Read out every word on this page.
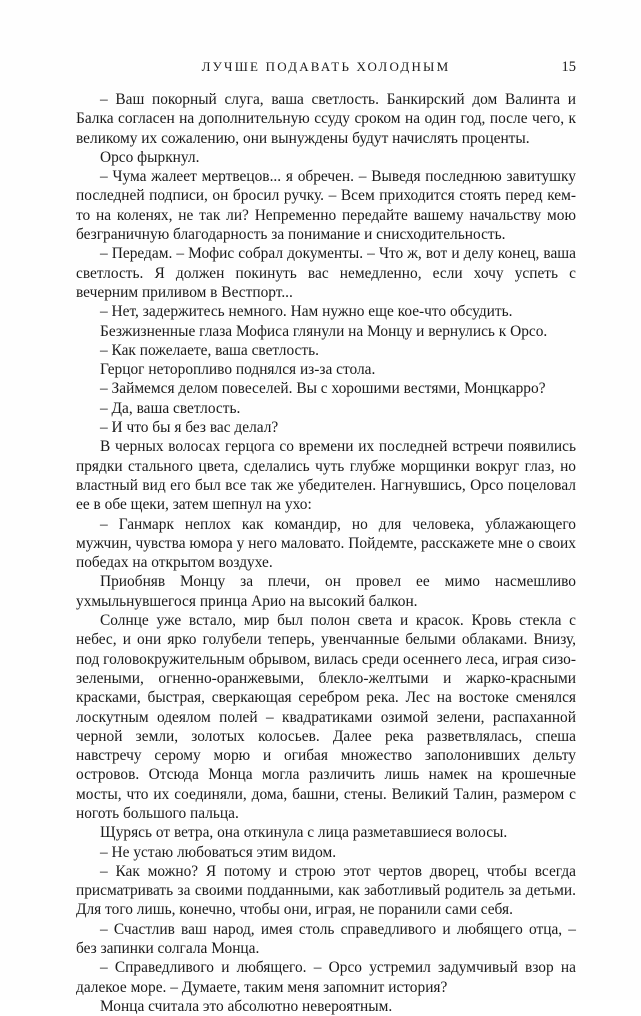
ЛУЧШЕ ПОДАВАТЬ ХОЛОДНЫМ	15

– Ваш покорный слуга, ваша светлость. Банкирский дом Валинта и Балка согласен на дополнительную ссуду сроком на один год, после чего, к великому их сожалению, они вынуждены будут начислять проценты.

Орсо фыркнул.

– Чума жалеет мертвецов... я обречен. – Выведя последнюю завитушку последней подписи, он бросил ручку. – Всем приходится стоять перед кем-то на коленях, не так ли? Непременно передайте вашему начальству мою безграничную благодарность за понимание и снисходительность.

– Передам. – Мофис собрал документы. – Что ж, вот и делу конец, ваша светлость. Я должен покинуть вас немедленно, если хочу успеть с вечерним приливом в Вестпорт...

– Нет, задержитесь немного. Нам нужно еще кое-что обсудить.

Безжизненные глаза Мофиса глянули на Монцу и вернулись к Орсо.

– Как пожелаете, ваша светлость.

Герцог неторопливо поднялся из-за стола.

– Займемся делом повеселей. Вы с хорошими вестями, Монцкарро?

– Да, ваша светлость.

– И что бы я без вас делал?

В черных волосах герцога со времени их последней встречи появились прядки стального цвета, сделались чуть глубже морщинки вокруг глаз, но властный вид его был все так же убедителен. Нагнувшись, Орсо поцеловал ее в обе щеки, затем шепнул на ухо:

– Ганмарк неплох как командир, но для человека, ублажающего мужчин, чувства юмора у него маловато. Пойдемте, расскажете мне о своих победах на открытом воздухе.

Приобняв Монцу за плечи, он провел ее мимо насмешливо ухмыльнувшегося принца Арио на высокий балкон.

Солнце уже встало, мир был полон света и красок. Кровь стекла с небес, и они ярко голубели теперь, увенчанные белыми облаками. Внизу, под головокружительным обрывом, вилась среди осеннего леса, играя сизо-зелеными, огненно-оранжевыми, блекло-желтыми и жарко-красными красками, быстрая, сверкающая серебром река. Лес на востоке сменялся лоскутным одеялом полей – квадратиками озимой зелени, распаханной черной земли, золотых колосьев. Далее река разветвлялась, спеша навстречу серому морю и огибая множество заполонивших дельту островов. Отсюда Монца могла различить лишь намек на крошечные мосты, что их соединяли, дома, башни, стены. Великий Талин, размером с ноготь большого пальца.

Щурясь от ветра, она откинула с лица разметавшиеся волосы.

– Не устаю любоваться этим видом.

– Как можно? Я потому и строю этот чертов дворец, чтобы всегда присматривать за своими подданными, как заботливый родитель за детьми. Для того лишь, конечно, чтобы они, играя, не поранили сами себя.

– Счастлив ваш народ, имея столь справедливого и любящего отца, – без запинки солгала Монца.

– Справедливого и любящего. – Орсо устремил задумчивый взор на далекое море. – Думаете, таким меня запомнит история?

Монца считала это абсолютно невероятным.
